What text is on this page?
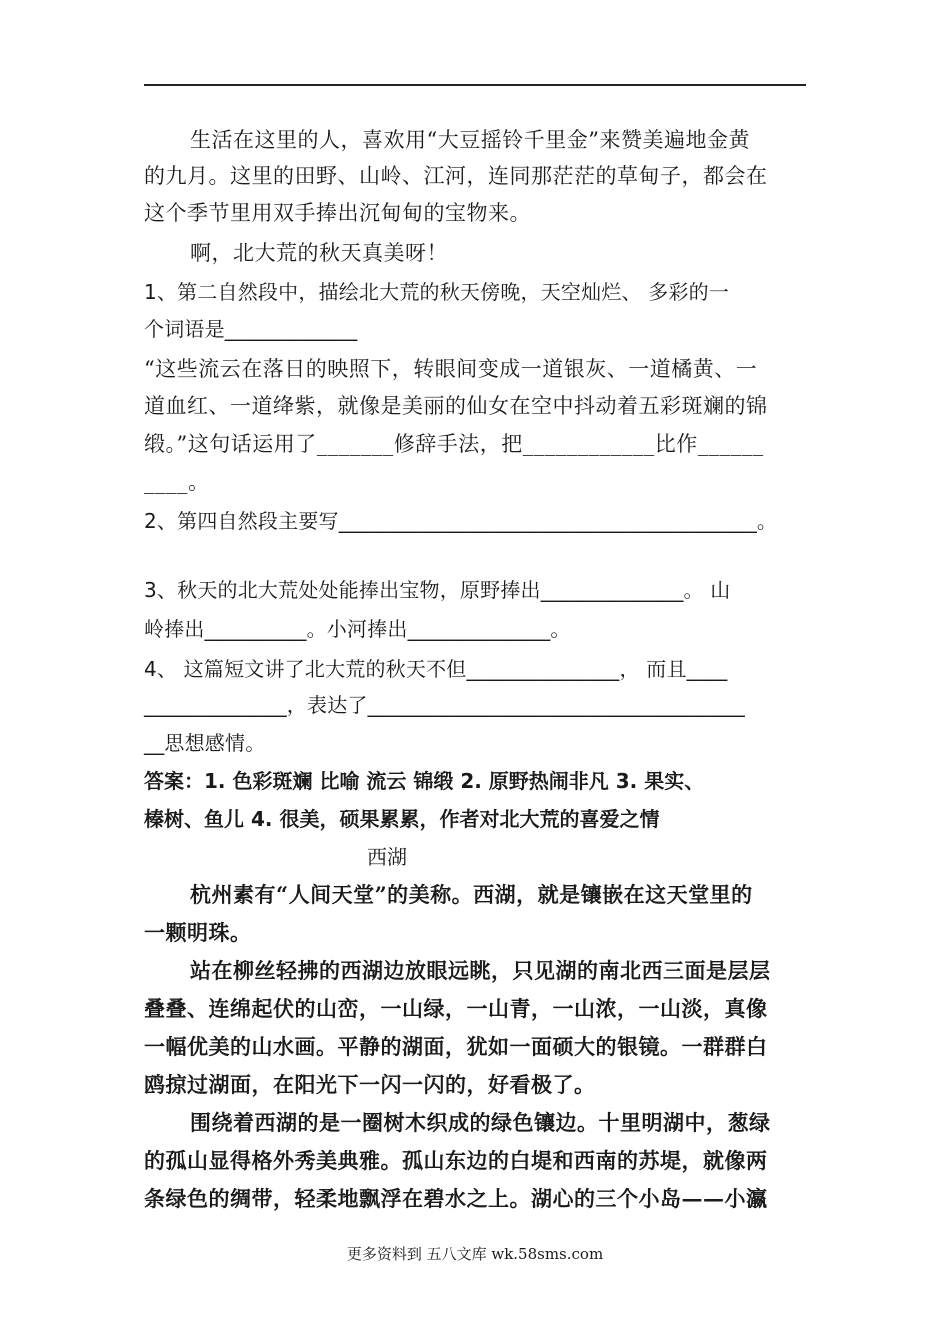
生活在这里的人，喜欢用“大豆摇铃千里金”来赞美遍地金黄
的九月。这里的田野、山岭、江河，连同那茫茫的草甸子，都会在
这个季节里用双手捧出沉甸甸的宝物来。
啊，北大荒的秋天真美呀！
1、第二自然段中，描绘北大荒的秋天傍晚，天空灿烂、 多彩的一
个词语是_____________
“这些流云在落日的映照下，转眼间变成一道银灰、一道橘黄、一
道血红、一道绛紫，就像是美丽的仙女在空中抖动着五彩斑斓的锦
缎。”这句话运用了_______修辞手法，把____________比作______
____。
2、第四自然段主要写_________________________________________。
3、秋天的北大荒处处能捧出宝物，原野捧出______________。 山
岭捧出__________。小河捧出______________。
4、 这篇短文讲了北大荒的秋天不但_______________， 而且____
______________，表达了_____________________________________
__思想感情。
答案：1. 色彩斑斓 比喻 流云 锦缎 2. 原野热闹非凡 3. 果实、
榛树、鱼儿 4. 很美，硕果累累，作者对北大荒的喜爱之情
西湖
杭州素有“人间天堂”的美称。西湖，就是镶嵌在这天堂里的
一颗明珠。
站在柳丝轻拂的西湖边放眼远眺，只见湖的南北西三面是层层
叠叠、连绵起伏的山峦，一山绿，一山青，一山浓，一山淡，真像
一幅优美的山水画。平静的湖面，犹如一面硕大的银镜。一群群白
鸥掠过湖面，在阳光下一闪一闪的，好看极了。
围绕着西湖的是一圈树木织成的绿色镶边。十里明湖中，葱绿
的孤山显得格外秀美典雅。孤山东边的白堤和西南的苏堤，就像两
条绿色的绸带，轻柔地飘浮在碧水之上。湖心的三个小岛——小瀛
更多资料到 五八文库 wk.58sms.com
